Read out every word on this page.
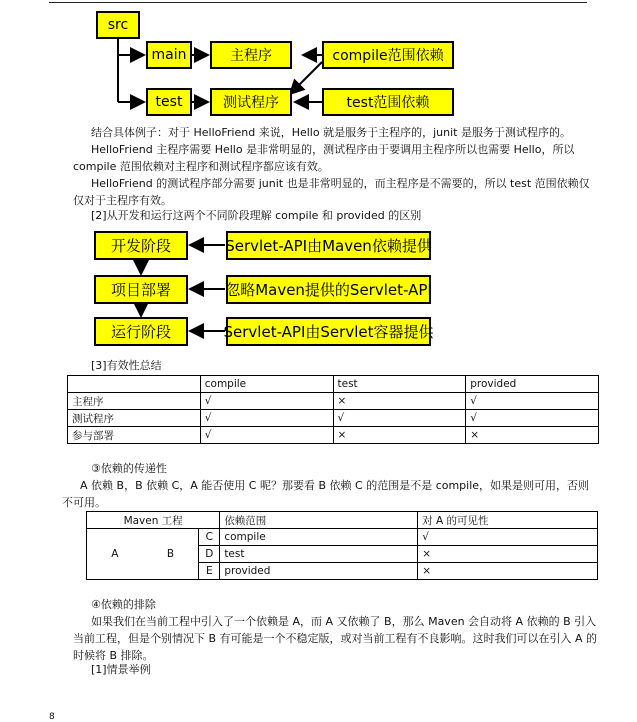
src
main	主程序	compile范围依赖
test	测试程序	test范围依赖

结合具体例子：对于 HelloFriend 来说，Hello 就是服务于主程序的，junit 是服务于测试程序的。

HelloFriend 主程序需要 Hello 是非常明显的，测试程序由于要调用主程序所以也需要 Hello，所以 compile 范围依赖对主程序和测试程序都应该有效。

HelloFriend 的测试程序部分需要 junit 也是非常明显的，而主程序是不需要的，所以 test 范围依赖仅仅对于主程序有效。

[2]从开发和运行这两个不同阶段理解 compile 和 provided 的区别

开发阶段	Servlet-API由Maven依赖提供
项目部署	忽略Maven提供的Servlet-API
运行阶段	Servlet-API由Servlet容器提供

[3]有效性总结

	compile	test	provided
主程序	√	×	√
测试程序	√	√	√
参与部署	√	×	×

③依赖的传递性

A 依赖 B，B 依赖 C，A 能否使用 C 呢？那要看 B 依赖 C 的范围是不是 compile，如果是则可用，否则不可用。

Maven 工程			依赖范围	对 A 的可见性
A	B	C	compile	√
		D	test	×
		E	provided	×

④依赖的排除

如果我们在当前工程中引入了一个依赖是 A，而 A 又依赖了 B，那么 Maven 会自动将 A 依赖的 B 引入当前工程，但是个别情况下 B 有可能是一个不稳定版，或对当前工程有不良影响。这时我们可以在引入 A 的时候将 B 排除。

[1]情景举例

8
